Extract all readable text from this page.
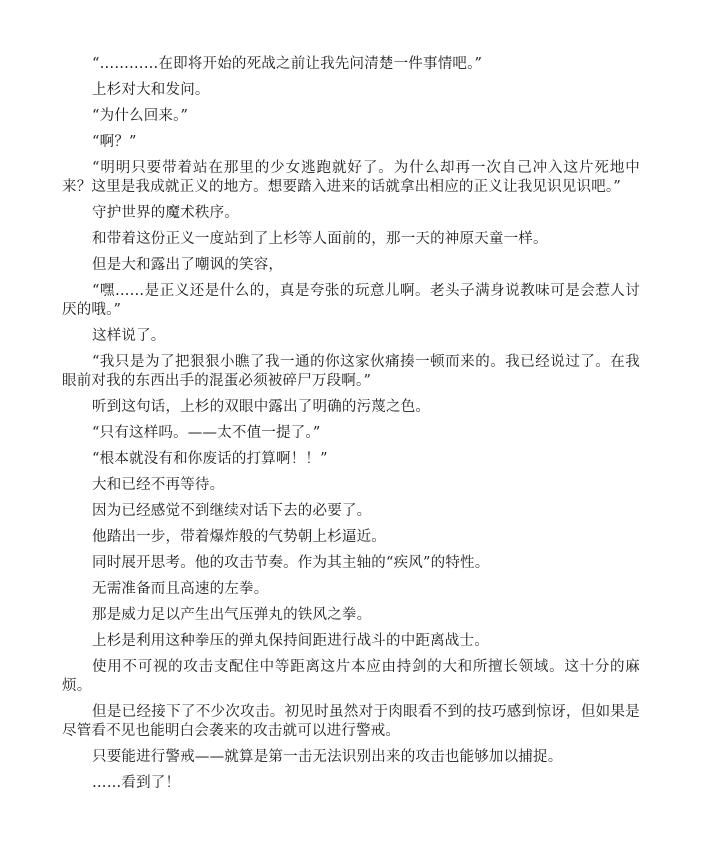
“…………在即将开始的死战之前让我先问清楚一件事情吧。”

上杉对大和发问。

“为什么回来。”

“啊？”

“明明只要带着站在那里的少女逃跑就好了。为什么却再一次自己冲入这片死地中来？这里是我成就正义的地方。想要踏入进来的话就拿出相应的正义让我见识见识吧。”

守护世界的魔术秩序。

和带着这份正义一度站到了上杉等人面前的，那一天的神原天童一样。

但是大和露出了嘲讽的笑容，

“嘿……是正义还是什么的，真是夸张的玩意儿啊。老头子满身说教味可是会惹人讨厌的哦。”

这样说了。

“我只是为了把狠狠小瞧了我一通的你这家伙痛揍一顿而来的。我已经说过了。在我眼前对我的东西出手的混蛋必须被碎尸万段啊。”

听到这句话，上杉的双眼中露出了明确的污蔑之色。

“只有这样吗。——太不值一提了。”

“根本就没有和你废话的打算啊！！”

大和已经不再等待。

因为已经感觉不到继续对话下去的必要了。

他踏出一步，带着爆炸般的气势朝上杉逼近。

同时展开思考。他的攻击节奏。作为其主轴的“疾风”的特性。

无需准备而且高速的左拳。

那是威力足以产生出气压弹丸的铁风之拳。

上杉是利用这种拳压的弹丸保持间距进行战斗的中距离战士。

使用不可视的攻击支配住中等距离这片本应由持剑的大和所擅长领域。这十分的麻烦。

但是已经接下了不少次攻击。初见时虽然对于肉眼看不到的技巧感到惊讶，但如果是尽管看不见也能明白会袭来的攻击就可以进行警戒。

只要能进行警戒——就算是第一击无法识别出来的攻击也能够加以捕捉。

……看到了！
